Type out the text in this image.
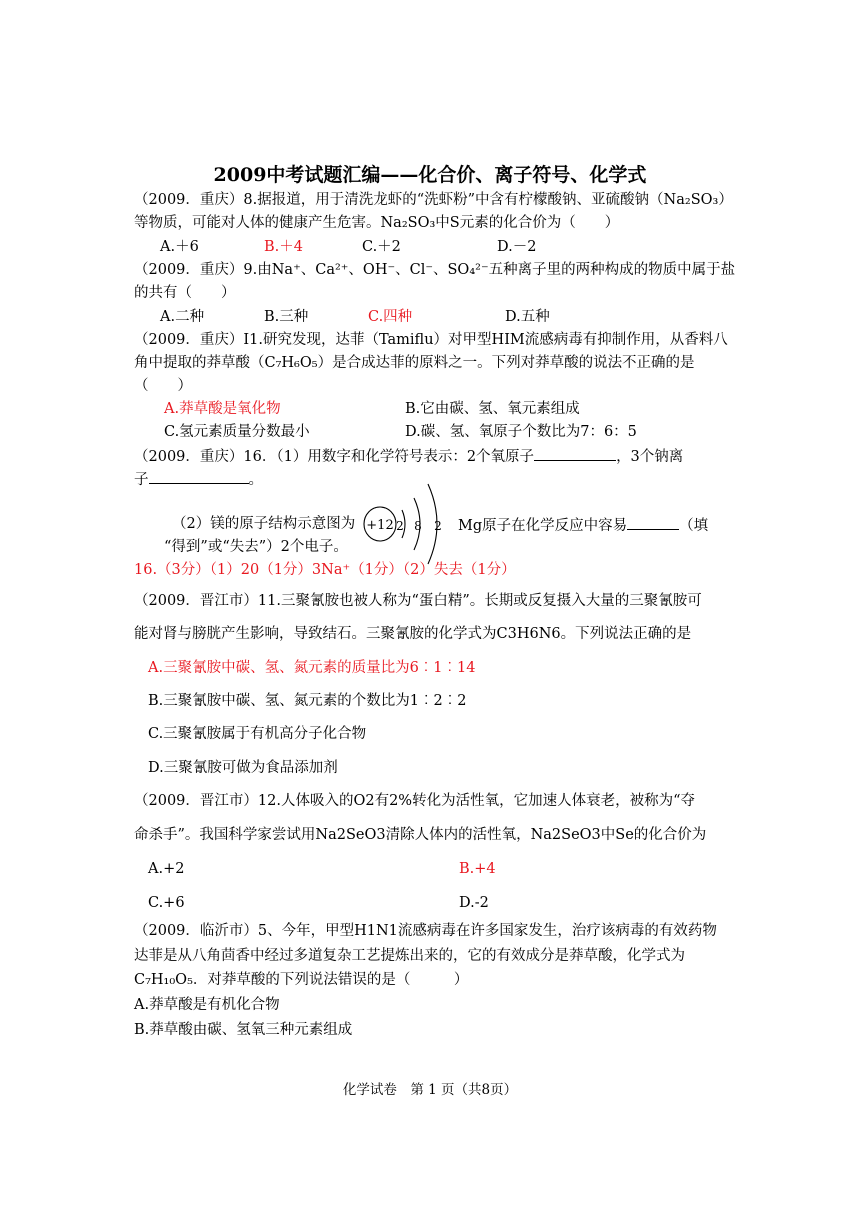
2009中考试题汇编——化合价、离子符号、化学式
（2009．重庆）8.据报道，用于清洗龙虾的“洗虾粉”中含有柠檬酸钠、亚硫酸钠（Na₂SO₃）
等物质，可能对人体的健康产生危害。Na₂SO₃中S元素的化合价为（　　）
A.＋6	B.＋4	C.＋2	D.－2
（2009．重庆）9.由Na⁺、Ca²⁺、OH⁻、Cl⁻、SO₄²⁻五种离子里的两种构成的物质中属于盐
的共有（　　）
A.二种	B.三种	C.四种	D.五种
（2009．重庆）I1.研究发现，达菲（Tamiflu）对甲型HIM流感病毒有抑制作用，从香料八
角中提取的莽草酸（C₇H₆O₅）是合成达菲的原料之一。下列对莽草酸的说法不正确的是
（　　）
A.莽草酸是氧化物	B.它由碳、氢、氧元素组成
C.氢元素质量分数最小	D.碳、氢、氧原子个数比为7：6：5
（2009．重庆）16．（1）用数字和化学符号表示：2个氧原子	，3个钠离
子	。
（2）镁的原子结构示意图为 +12 2 8 2 Mg原子在化学反应中容易	（填
“得到”或“失去”）2个电子。
16.（3分）（1）20（1分）3Na⁺（1分）（2）失去（1分）
（2009．晋江市）11.三聚氰胺也被人称为“蛋白精”。长期或反复摄入大量的三聚氰胺可
能对肾与膀胱产生影响，导致结石。三聚氰胺的化学式为C3H6N6。下列说法正确的是
A.三聚氰胺中碳、氢、氮元素的质量比为6︰1︰14
B.三聚氰胺中碳、氢、氮元素的个数比为1︰2︰2
C.三聚氰胺属于有机高分子化合物
D.三聚氰胺可做为食品添加剂
（2009．晋江市）12.人体吸入的O2有2%转化为活性氧，它加速人体衰老，被称为“夺
命杀手”。我国科学家尝试用Na2SeO3清除人体内的活性氧，Na2SeO3中Se的化合价为
A.+2	B.+4
C.+6	D.-2
（2009．临沂市）5、今年，甲型H1N1流感病毒在许多国家发生，治疗该病毒的有效药物
达菲是从八角茴香中经过多道复杂工艺提炼出来的，它的有效成分是莽草酸，化学式为
C₇H₁₀O₅．对莽草酸的下列说法错误的是（　　　）
A.莽草酸是有机化合物
B.莽草酸由碳、氢氧三种元素组成
化学试卷　第 1 页（共8页）
